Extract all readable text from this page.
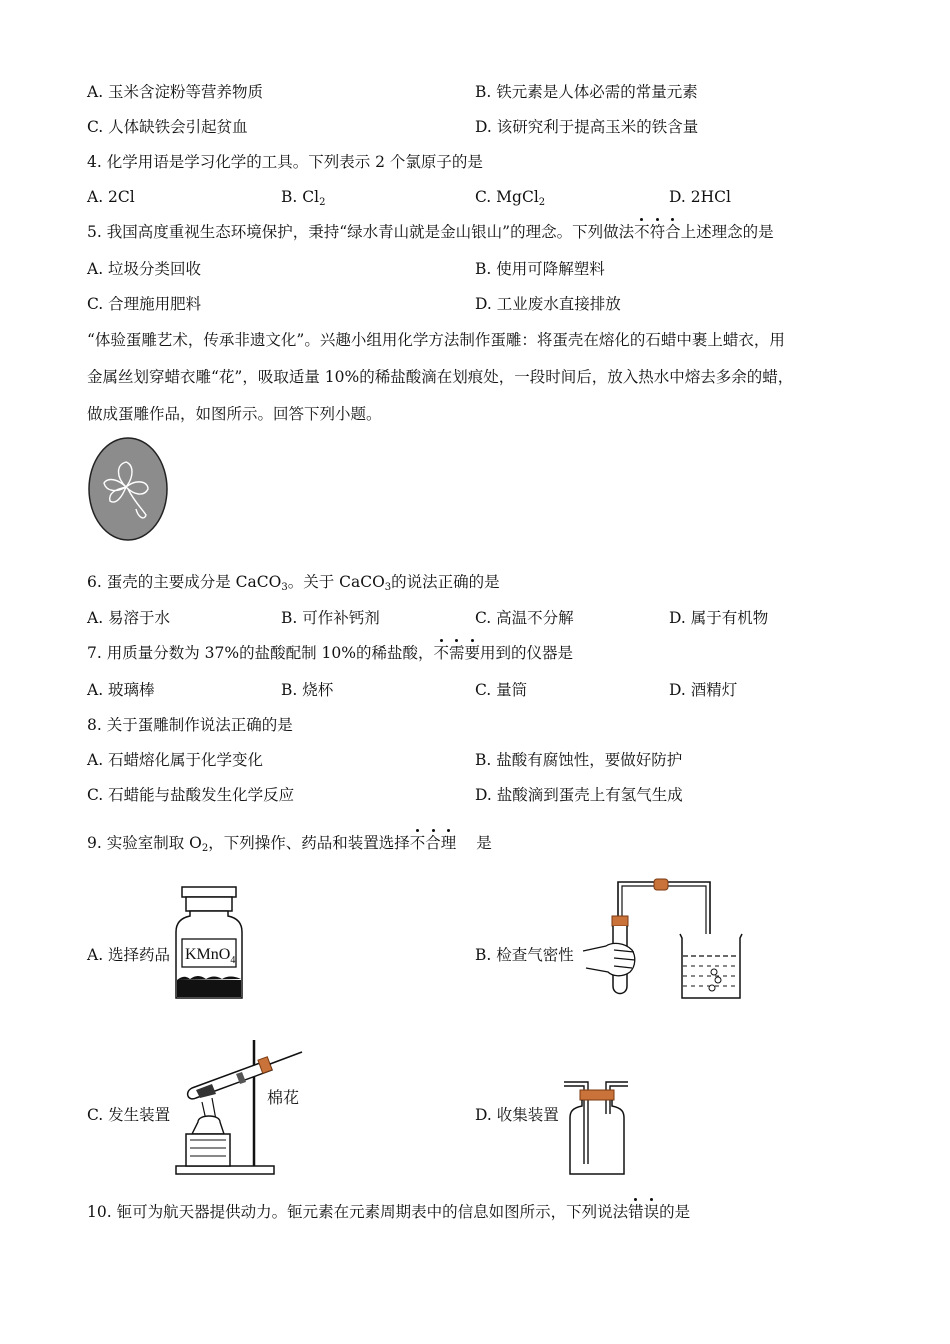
A. 玉米含淀粉等营养物质	B. 铁元素是人体必需的常量元素
C. 人体缺铁会引起贫血	D. 该研究利于提高玉米的铁含量
4. 化学用语是学习化学的工具。下列表示 2 个氯原子的是
A. 2Cl	B. $Cl_2$	C. MgCl$_2$	D. 2HCl
5. 我国高度重视生态环境保护，秉持“绿水青山就是金山银山”的理念。下列做法不符合上述理念的是
A. 垃圾分类回收	B. 使用可降解塑料
C. 合理施用肥料	D. 工业废水直接排放
“体验蛋雕艺术，传承非遗文化”。兴趣小组用化学方法制作蛋雕：将蛋壳在熔化的石蜡中裹上蜡衣，用
金属丝划穿蜡衣雕“花”，吸取适量 10%的稀盐酸滴在划痕处，一段时间后，放入热水中熔去多余的蜡，
做成蛋雕作品，如图所示。回答下列小题。
6. 蛋壳的主要成分是 CaCO$_3$。关于 CaCO$_3$的说法正确的是
A. 易溶于水	B. 可作补钙剂	C. 高温不分解	D. 属于有机物
7. 用质量分数为 37%的盐酸配制 10%的稀盐酸，不需要用到的仪器是
A. 玻璃棒	B. 烧杯	C. 量筒	D. 酒精灯
8. 关于蛋雕制作说法正确的是
A. 石蜡熔化属于化学变化	B. 盐酸有腐蚀性，要做好防护
C. 石蜡能与盐酸发生化学反应	D. 盐酸滴到蛋壳上有氢气生成
9. 实验室制取 $O_2$，下列操作、药品和装置选择不合理 是
A. 选择药品 KMnO$_4$	B. 检查气密性
C. 发生装置
棉花
D. 收集装置
10. 钷可为航天器提供动力。钷元素在元素周期表中的信息如图所示，下列说法错误的是
